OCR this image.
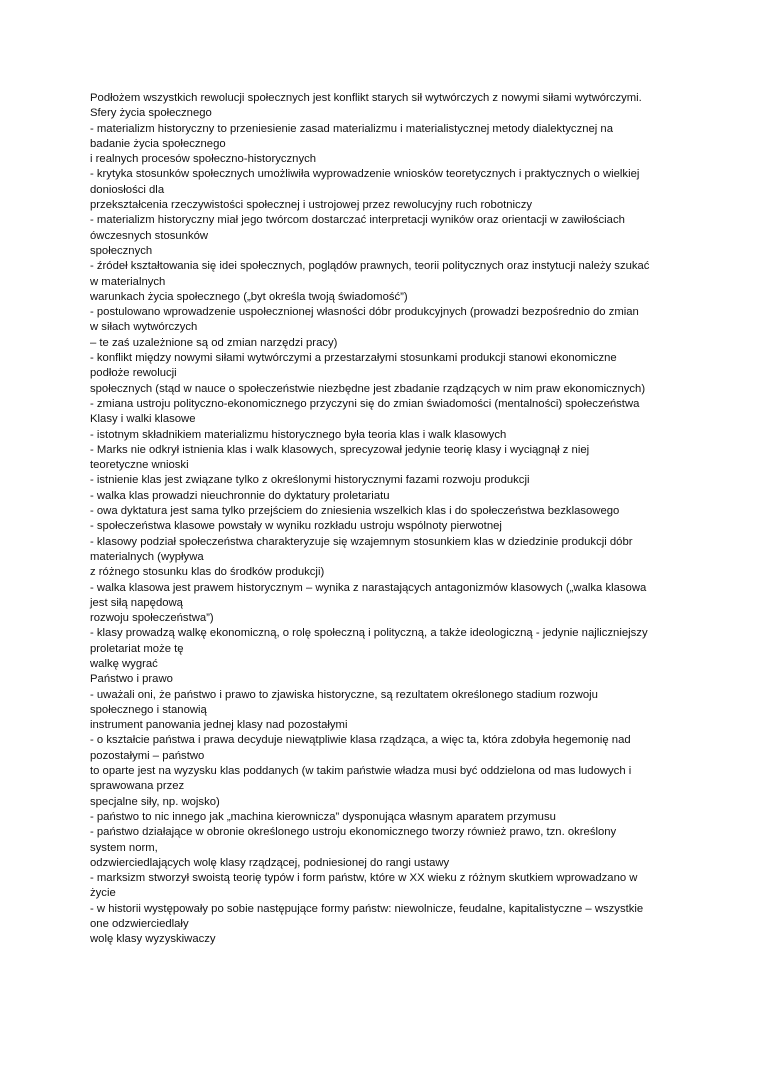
Podłożem wszystkich rewolucji społecznych jest konflikt starych sił wytwórczych z nowymi siłami wytwórczymi.

Sfery życia społecznego

- materializm historyczny to przeniesienie zasad materializmu i materialistycznej metody dialektycznej na

badanie życia społecznego

i realnych procesów społeczno-historycznych

- krytyka stosunków społecznych umożliwiła wyprowadzenie wniosków teoretycznych i praktycznych o wielkiej

doniosłości dla

przekształcenia rzeczywistości społecznej i ustrojowej przez rewolucyjny ruch robotniczy

- materializm historyczny miał jego twórcom dostarczać interpretacji wyników oraz orientacji w zawiłościach

ówczesnych stosunków

społecznych

- źródeł kształtowania się idei społecznych, poglądów prawnych, teorii politycznych oraz instytucji należy szukać

w materialnych

warunkach życia społecznego („byt określa twoją świadomość”)

- postulowano wprowadzenie uspołecznionej własności dóbr produkcyjnych (prowadzi bezpośrednio do zmian

w siłach wytwórczych

– te zaś uzależnione są od zmian narzędzi pracy)

- konflikt między nowymi siłami wytwórczymi a przestarzałymi stosunkami produkcji stanowi ekonomiczne

podłoże rewolucji

społecznych (stąd w nauce o społeczeństwie niezbędne jest zbadanie rządzących w nim praw ekonomicznych)

- zmiana ustroju polityczno-ekonomicznego przyczyni się do zmian świadomości (mentalności) społeczeństwa

Klasy i walki klasowe

- istotnym składnikiem materializmu historycznego była teoria klas i walk klasowych

- Marks nie odkrył istnienia klas i walk klasowych, sprecyzował jedynie teorię klasy i wyciągnął z niej

teoretyczne wnioski

- istnienie klas jest związane tylko z określonymi historycznymi fazami rozwoju produkcji

- walka klas prowadzi nieuchronnie do dyktatury proletariatu

- owa dyktatura jest sama tylko przejściem do zniesienia wszelkich klas i do społeczeństwa bezklasowego

- społeczeństwa klasowe powstały w wyniku rozkładu ustroju wspólnoty pierwotnej

- klasowy podział społeczeństwa charakteryzuje się wzajemnym stosunkiem klas w dziedzinie produkcji dóbr

materialnych (wypływa

z różnego stosunku klas do środków produkcji)

- walka klasowa jest prawem historycznym – wynika z narastających antagonizmów klasowych („walka klasowa

jest siłą napędową

rozwoju społeczeństwa”)

- klasy prowadzą walkę ekonomiczną, o rolę społeczną i polityczną, a także ideologiczną - jedynie najliczniejszy

proletariat może tę

walkę wygrać

Państwo i prawo

- uważali oni, że państwo i prawo to zjawiska historyczne, są rezultatem określonego stadium rozwoju

społecznego i stanowią

instrument panowania jednej klasy nad pozostałymi

- o kształcie państwa i prawa decyduje niewątpliwie klasa rządząca, a więc ta, która zdobyła hegemonię nad

pozostałymi – państwo

to oparte jest na wyzysku klas poddanych (w takim państwie władza musi być oddzielona od mas ludowych i

sprawowana przez

specjalne siły, np. wojsko)

- państwo to nic innego jak „machina kierownicza” dysponująca własnym aparatem przymusu

- państwo działające w obronie określonego ustroju ekonomicznego tworzy również prawo, tzn. określony

system norm,

odzwierciedlających wolę klasy rządzącej, podniesionej do rangi ustawy

- marksizm stworzył swoistą teorię typów i form państw, które w XX wieku z różnym skutkiem wprowadzano w

życie

- w historii występowały po sobie następujące formy państw: niewolnicze, feudalne, kapitalistyczne – wszystkie

one odzwierciedlały

wolę klasy wyzyskiwaczy
